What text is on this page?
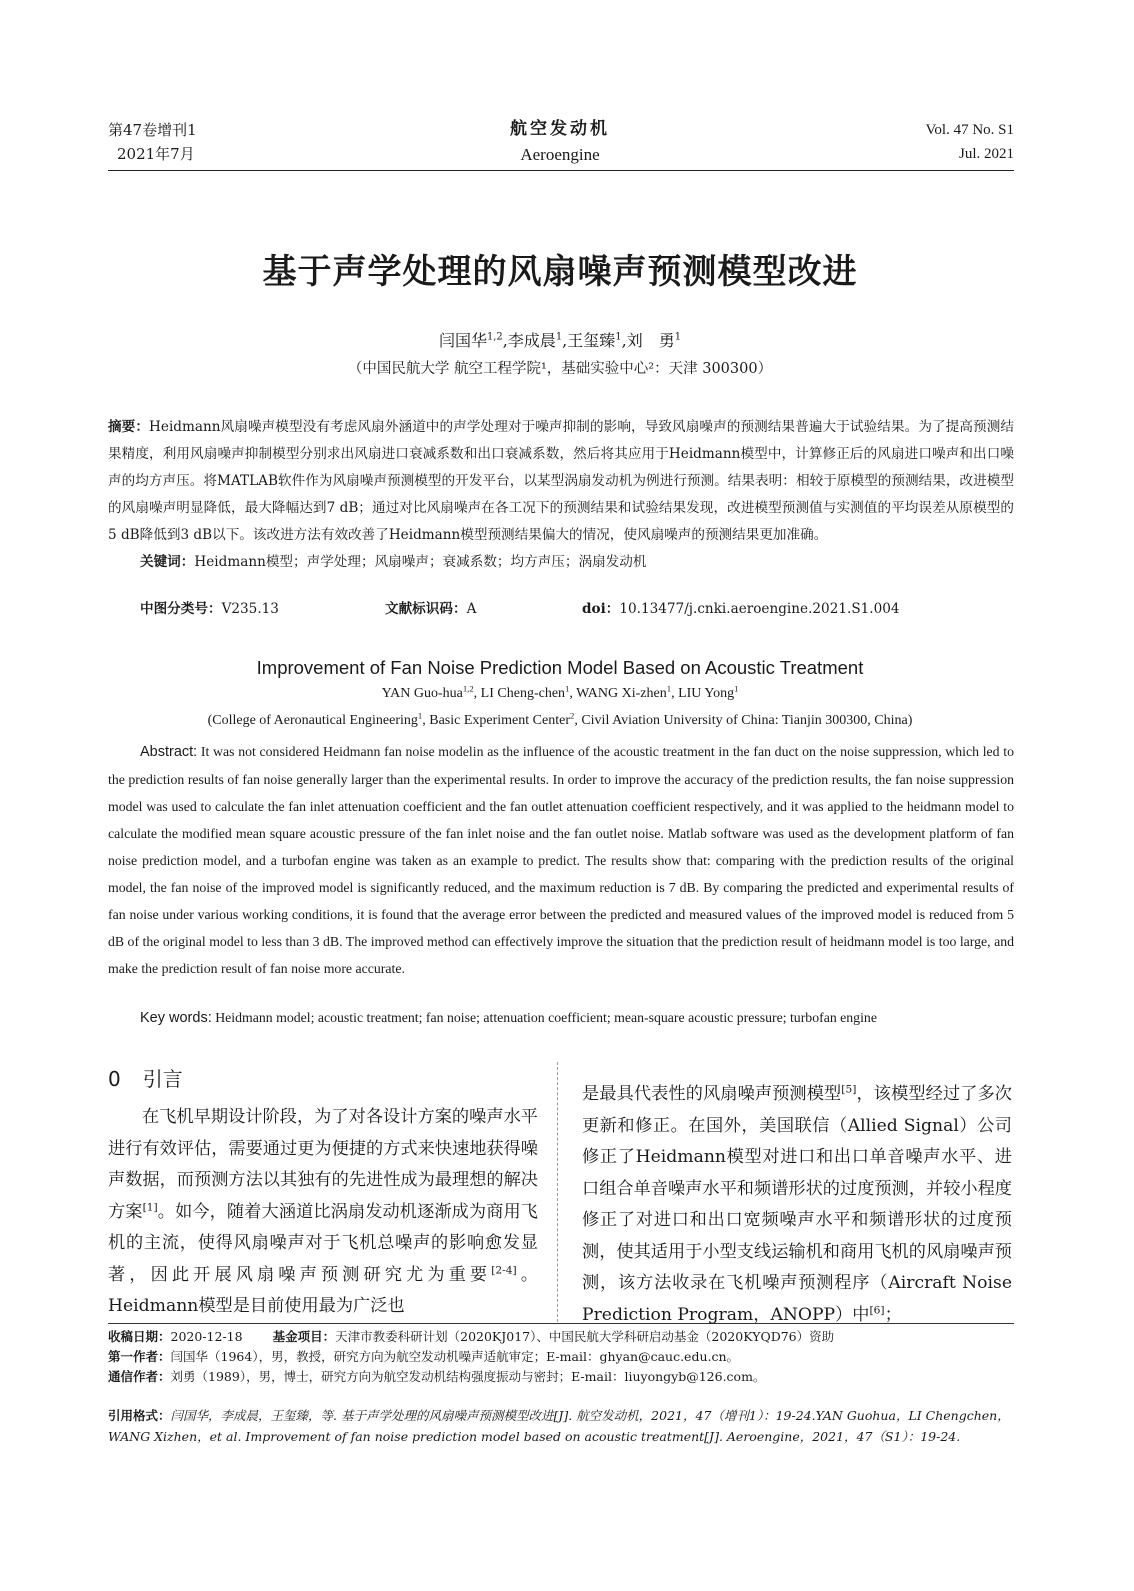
第47卷增刊1
2021年7月
航空发动机
Aeroengine
Vol. 47 No. S1
Jul. 2021
基于声学处理的风扇噪声预测模型改进
闫国华$^{1,2}$,李成晨$^1$,王玺臻$^1$,刘　勇$^1$
（中国民航大学 航空工程学院¹，基础实验中心²：天津 300300）
摘要：Heidmann风扇噪声模型没有考虑风扇外涵道中的声学处理对于噪声抑制的影响，导致风扇噪声的预测结果普遍大于试验结果。为了提高预测结果精度，利用风扇噪声抑制模型分别求出风扇进口衰减系数和出口衰减系数，然后将其应用于Heidmann模型中，计算修正后的风扇进口噪声和出口噪声的均方声压。将MATLAB软件作为风扇噪声预测模型的开发平台，以某型涡扇发动机为例进行预测。结果表明：相较于原模型的预测结果，改进模型的风扇噪声明显降低，最大降幅达到7 dB；通过对比风扇噪声在各工况下的预测结果和试验结果发现，改进模型预测值与实测值的平均误差从原模型的5 dB降低到3 dB以下。该改进方法有效改善了Heidmann模型预测结果偏大的情况，使风扇噪声的预测结果更加准确。
关键词：Heidmann模型；声学处理；风扇噪声；衰减系数；均方声压；涡扇发动机
中图分类号：V235.13	文献标识码：A	doi：10.13477/j.cnki.aeroengine.2021.S1.004
Improvement of Fan Noise Prediction Model Based on Acoustic Treatment
YAN Guo-hua$^{1,2}$, LI Cheng-chen$^1$, WANG Xi-zhen$^1$, LIU Yong$^1$
(College of Aeronautical Engineering$^1$, Basic Experiment Center$^2$, Civil Aviation University of China: Tianjin 300300, China)
Abstract: It was not considered Heidmann fan noise modelin as the influence of the acoustic treatment in the fan duct on the noise suppression, which led to the prediction results of fan noise generally larger than the experimental results. In order to improve the accuracy of the prediction results, the fan noise suppression model was used to calculate the fan inlet attenuation coefficient and the fan outlet attenuation coefficient respectively, and it was applied to the heidmann model to calculate the modified mean square acoustic pressure of the fan inlet noise and the fan outlet noise. Matlab software was used as the development platform of fan noise prediction model, and a turbofan engine was taken as an example to predict. The results show that: comparing with the prediction results of the original model, the fan noise of the improved model is significantly reduced, and the maximum reduction is 7 dB. By comparing the predicted and experimental results of fan noise under various working conditions, it is found that the average error between the predicted and measured values of the improved model is reduced from 5 dB of the original model to less than 3 dB. The improved method can effectively improve the situation that the prediction result of heidmann model is too large, and make the prediction result of fan noise more accurate.
Key words: Heidmann model; acoustic treatment; fan noise; attenuation coefficient; mean-square acoustic pressure; turbofan engine
0 引言
在飞机早期设计阶段，为了对各设计方案的噪声水平进行有效评估，需要通过更为便捷的方式来快速地获得噪声数据，而预测方法以其独有的先进性成为最理想的解决方案[1]。如今，随着大涵道比涡扇发动机逐渐成为商用飞机的主流，使得风扇噪声对于飞机总噪声的影响愈发显著，因此开展风扇噪声预测研究尤为重要[2-4]。Heidmann模型是目前使用最为广泛也
是最具代表性的风扇噪声预测模型[5]，该模型经过了多次更新和修正。在国外，美国联信（Allied Signal）公司修正了Heidmann模型对进口和出口单音噪声水平、进口组合单音噪声水平和频谱形状的过度预测，并较小程度修正了对进口和出口宽频噪声水平和频谱形状的过度预测，使其适用于小型支线运输机和商用飞机的风扇噪声预测，该方法收录在飞机噪声预测程序（Aircraft Noise Prediction Program，ANOPP）中[6]；
收稿日期：2020-12-18 基金项目：天津市教委科研计划（2020KJ017）、中国民航大学科研启动基金（2020KYQD76）资助
第一作者：闫国华（1964），男，教授，研究方向为航空发动机噪声适航审定；E-mail：ghyan@cauc.edu.cn。
通信作者：刘勇（1989），男，博士，研究方向为航空发动机结构强度振动与密封；E-mail：liuyongyb@126.com。
引用格式：闫国华，李成晨，王玺臻，等. 基于声学处理的风扇噪声预测模型改进[J]. 航空发动机，2021，47（增刊1）：19-24.YAN Guohua，LI Chengchen，WANG Xizhen，et al. Improvement of fan noise prediction model based on acoustic treatment[J]. Aeroengine，2021，47（S1）：19-24.
